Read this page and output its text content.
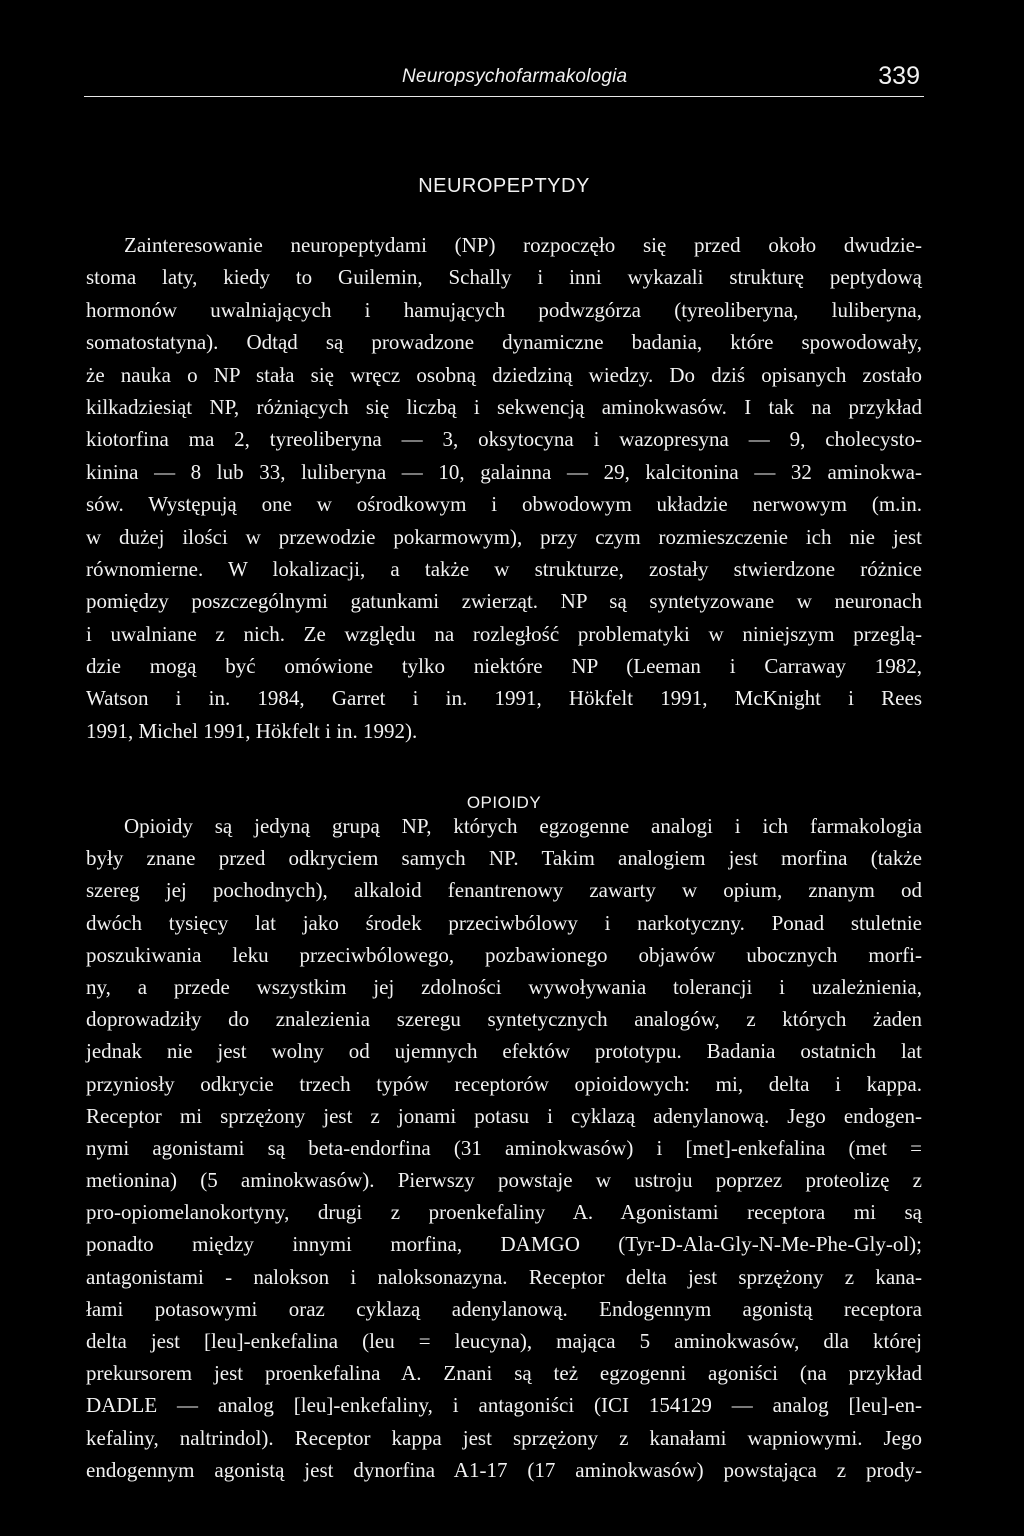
Neuropsychofarmakologia	339
NEUROPEPTYDY
Zainteresowanie neuropeptydami (NP) rozpoczęło się przed około dwudzie-
stoma laty, kiedy to Guilemin, Schally i inni wykazali strukturę peptydową
hormonów uwalniających i hamujących podwzgórza (tyreoliberyna, luliberyna,
somatostatyna). Odtąd są prowadzone dynamiczne badania, które spowodowały,
że nauka o NP stała się wręcz osobną dziedziną wiedzy. Do dziś opisanych zostało
kilkadziesiąt NP, różniących się liczbą i sekwencją aminokwasów. I tak na przykład
kiotorfina ma 2, tyreoliberyna — 3, oksytocyna i wazopresyna — 9, cholecysto-
kinina — 8 lub 33, luliberyna — 10, galainna — 29, kalcitonina — 32 aminokwa-
sów. Występują one w ośrodkowym i obwodowym układzie nerwowym (m.in.
w dużej ilości w przewodzie pokarmowym), przy czym rozmieszczenie ich nie jest
równomierne. W lokalizacji, a także w strukturze, zostały stwierdzone różnice
pomiędzy poszczególnymi gatunkami zwierząt. NP są syntetyzowane w neuronach
i uwalniane z nich. Ze względu na rozległość problematyki w niniejszym przeglą-
dzie mogą być omówione tylko niektóre NP (Leeman i Carraway 1982,
Watson i in. 1984, Garret i in. 1991, Hökfelt 1991, McKnight i Rees
1991, Michel 1991, Hökfelt i in. 1992).
OPIOIDY
Opioidy są jedyną grupą NP, których egzogenne analogi i ich farmakologia
były znane przed odkryciem samych NP. Takim analogiem jest morfina (także
szereg jej pochodnych), alkaloid fenantrenowy zawarty w opium, znanym od
dwóch tysięcy lat jako środek przeciwbólowy i narkotyczny. Ponad stuletnie
poszukiwania leku przeciwbólowego, pozbawionego objawów ubocznych morfi-
ny, a przede wszystkim jej zdolności wywoływania tolerancji i uzależnienia,
doprowadziły do znalezienia szeregu syntetycznych analogów, z których żaden
jednak nie jest wolny od ujemnych efektów prototypu. Badania ostatnich lat
przyniosły odkrycie trzech typów receptorów opioidowych: mi, delta i kappa.
Receptor mi sprzężony jest z jonami potasu i cyklazą adenylanową. Jego endogen-
nymi agonistami są beta-endorfina (31 aminokwasów) i [met]-enkefalina (met =
metionina) (5 aminokwasów). Pierwszy powstaje w ustroju poprzez proteolizę z
pro-opiomelanokortyny, drugi z proenkefaliny A. Agonistami receptora mi są
ponadto między innymi morfina, DAMGO (Tyr-D-Ala-Gly-N-Me-Phe-Gly-ol);
antagonistami - nalokson i naloksonazyna. Receptor delta jest sprzężony z kana-
łami potasowymi oraz cyklazą adenylanową. Endogennym agonistą receptora
delta jest [leu]-enkefalina (leu = leucyna), mająca 5 aminokwasów, dla której
prekursorem jest proenkefalina A. Znani są też egzogenni agoniści (na przykład
DADLE — analog [leu]-enkefaliny, i antagoniści (ICI 154129 — analog [leu]-en-
kefaliny, naltrindol). Receptor kappa jest sprzężony z kanałami wapniowymi. Jego
endogennym agonistą jest dynorfina A1-17 (17 aminokwasów) powstająca z prody-
